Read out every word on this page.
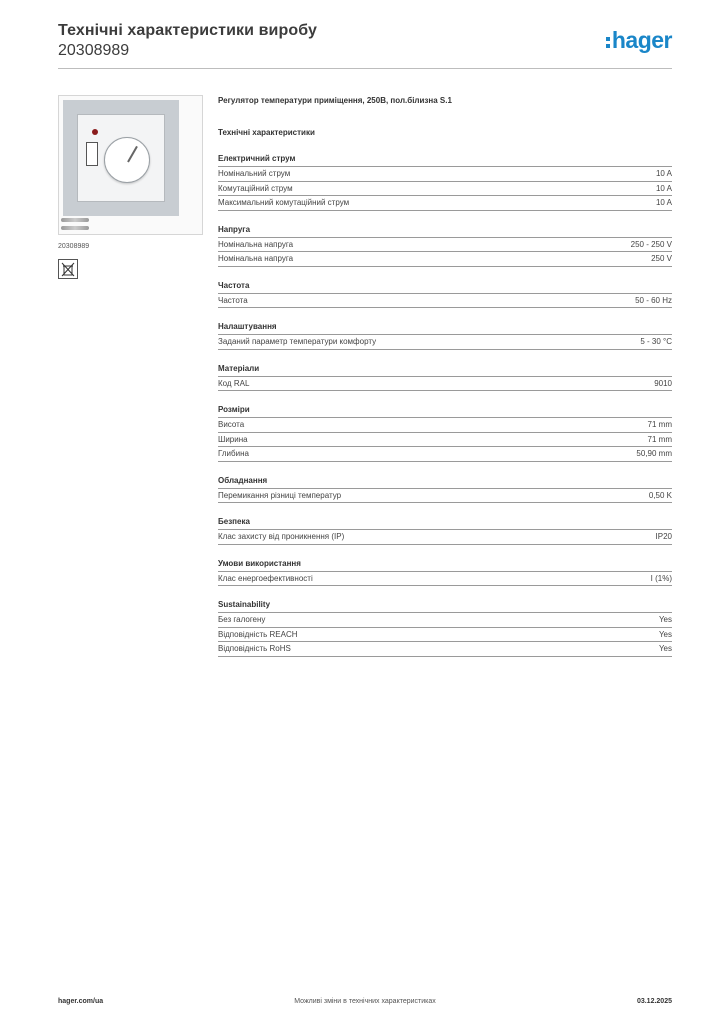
Технічні характеристики виробу
20308989	hager
20308989
Регулятор температури приміщення, 250В, пол.білизна S.1
Технічні характеристики
Електричний струм
Номінальний струм	10 A
Комутаційний струм	10 A
Максимальний комутаційний струм	10 A
Напруга
Номінальна напруга	250 - 250 V
Номінальна напруга	250 V
Частота
Частота	50 - 60 Hz
Налаштування
Заданий параметр температури комфорту	5 - 30 °C
Матеріали
Код RAL	9010
Розміри
Висота	71 mm
Ширина	71 mm
Глибина	50,90 mm
Обладнання
Перемикання різниці температур	0,50 K
Безпека
Клас захисту від проникнення (IP)	IP20
Умови використання
Клас енергоефективності	I (1%)
Sustainability
Без галогену	Yes
Відповідність REACH	Yes
Відповідність RoHS	Yes
Можливі зміни в технічних характеристиках
hager.com/ua	03.12.2025
